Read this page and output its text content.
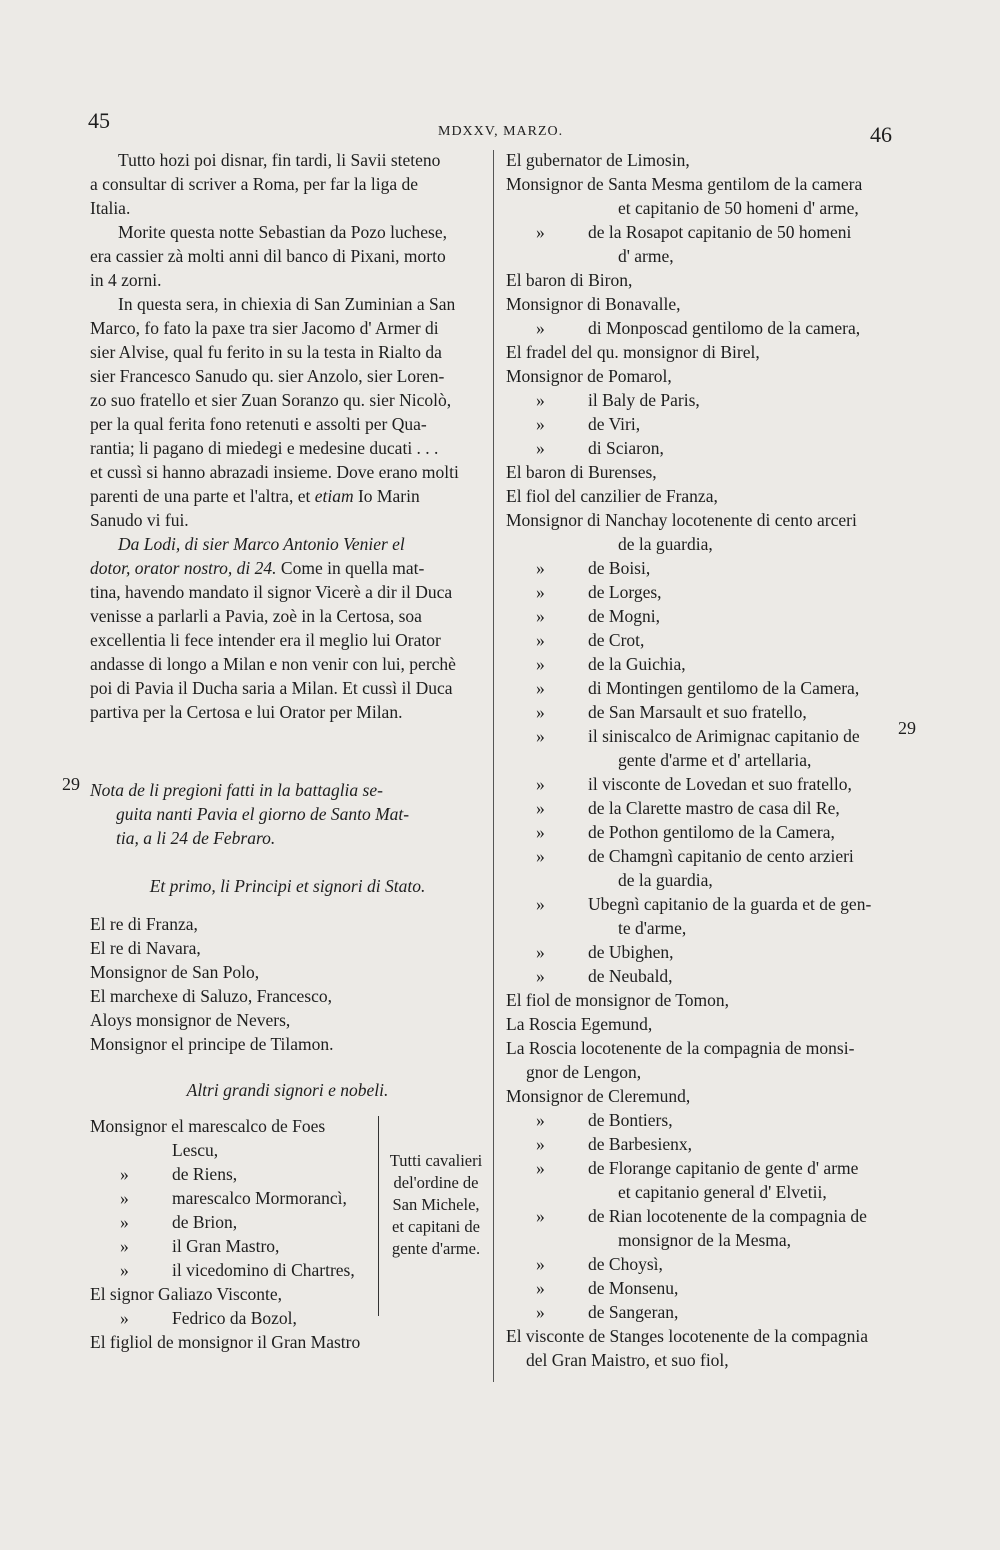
45	MDXXV, MARZO.	46
29
29
Tutto hozi poi disnar, fin tardi, li Savii steteno
a consultar di scriver a Roma, per far la liga de
Italia.
Morite questa notte Sebastian da Pozo luchese,
era cassier zà molti anni dil banco di Pixani, morto
in 4 zorni.
In questa sera, in chiexia di San Zuminian a San
Marco, fo fato la paxe tra sier Jacomo d' Armer di
sier Alvise, qual fu ferito in su la testa in Rialto da
sier Francesco Sanudo qu. sier Anzolo, sier Loren-
zo suo fratello et sier Zuan Soranzo qu. sier Nicolò,
per la qual ferita fono retenuti e assolti per Qua-
rantia; li pagano di miedegi e medesine ducati . . .
et cussì si hanno abrazadi insieme. Dove erano molti
parenti de una parte et l'altra, et etiam Io Marin
Sanudo vi fui.
Da Lodi, di sier Marco Antonio Venier el
dotor, orator nostro, di 24. Come in quella mat-
tina, havendo mandato il signor Vicerè a dir il Duca
venisse a parlarli a Pavia, zoè in la Certosa, soa
excellentia li fece intender era il meglio lui Orator
andasse di longo a Milan e non venir con lui, perchè
poi di Pavia il Ducha saria a Milan. Et cussì il Duca
partiva per la Certosa e lui Orator per Milan.
Nota de li pregioni fatti in la battaglia se-
guita nanti Pavia el giorno de Santo Mat-
tia, a li 24 de Febraro.
Et primo, li Principi et signori di Stato.
El re di Franza,
El re di Navara,
Monsignor de San Polo,
El marchexe di Saluzo, Francesco,
Aloys monsignor de Nevers,
Monsignor el principe de Tilamon.
Altri grandi signori e nobeli.
Monsignor el marescalco de Foes
Lescu,
» de Riens,
» marescalco Mormorancì,
» de Brion,
» il Gran Mastro,
» il vicedomino di Chartres,
El signor Galiazo Visconte,
» Fedrico da Bozol,
El figliol de monsignor il Gran Mastro
Tutti cavalieri
del'ordine de
San Michele,
et capitani de
gente d'arme.
El gubernator de Limosin,
Monsignor de Santa Mesma gentilom de la camera
et capitanio de 50 homeni d' arme,
» de la Rosapot capitanio de 50 homeni
d' arme,
El baron di Biron,
Monsignor di Bonavalle,
» di Monposcad gentilomo de la camera,
El fradel del qu. monsignor di Birel,
Monsignor de Pomarol,
» il Baly de Paris,
» de Viri,
» di Sciaron,
El baron di Burenses,
El fiol del canzilier de Franza,
Monsignor di Nanchay locotenente di cento arceri
de la guardia,
» de Boisi,
» de Lorges,
» de Mogni,
» de Crot,
» de la Guichia,
» di Montingen gentilomo de la Camera,
» de San Marsault et suo fratello,
» il siniscalco de Arimignac capitanio de
gente d'arme et d' artellaria,
» il visconte de Lovedan et suo fratello,
» de la Clarette mastro de casa dil Re,
» de Pothon gentilomo de la Camera,
» de Chamgnì capitanio de cento arzieri
de la guardia,
» Ubegnì capitanio de la guarda et de gen-
te d'arme,
» de Ubighen,
» de Neubald,
El fiol de monsignor de Tomon,
La Roscia Egemund,
La Roscia locotenente de la compagnia de monsi-
gnor de Lengon,
Monsignor de Cleremund,
» de Bontiers,
» de Barbesienx,
» de Florange capitanio de gente d' arme
et capitanio general d' Elvetii,
» de Rian locotenente de la compagnia de
monsignor de la Mesma,
» de Choysì,
» de Monsenu,
» de Sangeran,
El visconte de Stanges locotenente de la compagnia
del Gran Maistro, et suo fiol,
